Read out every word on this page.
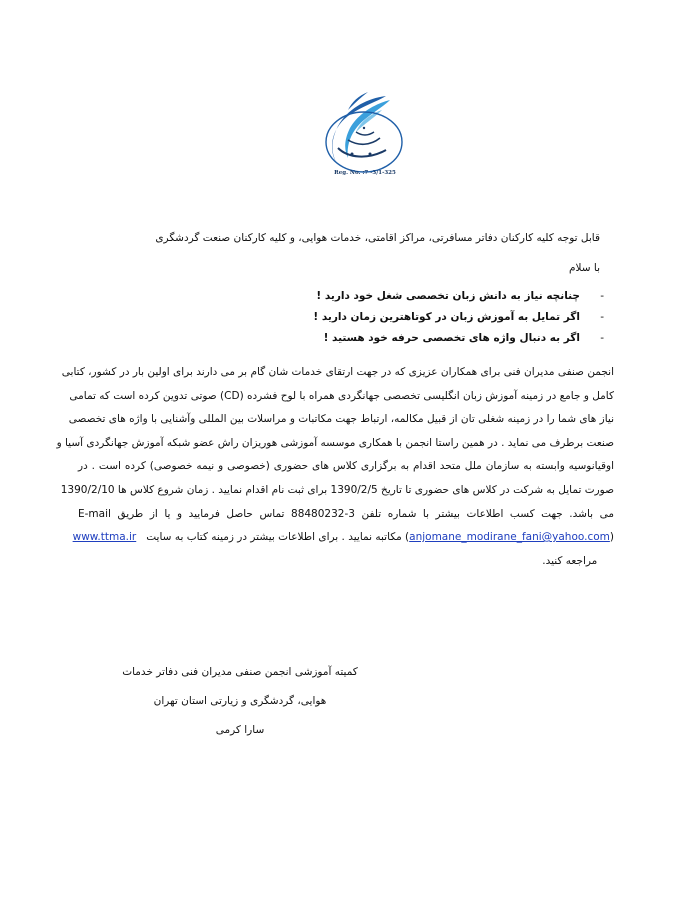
Reg. No. :7 -3/1-325
قابل توجه کلیه کارکنان دفاتر مسافرتی، مراکز اقامتی، خدمات هوایی، و کلیه کارکنان صنعت گردشگری
با سلام
-
چنانچه نیاز به دانش زبان تخصصی شغل خود دارید !
-
اگر تمایل به آموزش زبان در کوتاهترین زمان دارید !
-
اگر به دنبال واژه های تخصصی حرفه خود هستید !
انجمن صنفی مدیران فنی برای همکاران عزیزی که در جهت ارتقای خدمات شان گام بر می دارند برای اولین بار در کشور، کتابی
کامل و جامع در زمینه آموزش زبان انگلیسی تخصصی جهانگردی همراه با لوح فشرده (CD) صوتی تدوین کرده است که تمامی
نیاز های شما را در زمینه شغلی تان از قبیل مکالمه، ارتباط جهت مکاتبات و مراسلات بین المللی وآشنایی با واژه های تخصصی
صنعت برطرف می نماید . در همین راستا انجمن با همکاری موسسه آموزشی هوریزان راش عضو شبکه آموزش جهانگردی آسیا و
اوقیانوسیه وابسته به سازمان ملل متحد اقدام به برگزاری کلاس های حضوری (خصوصی و نیمه خصوصی) کرده است . در
صورت تمایل به شرکت در کلاس های حضوری تا تاریخ 1390/2/5 برای ثبت نام اقدام نمایید . زمان شروع کلاس ها 1390/2/10
می باشد. جهت کسب اطلاعات بیشتر با شماره تلفن 3-88480232 تماس حاصل فرمایید و یا از طریق E-mail
(anjomane_modirane_fani@yahoo.com) مکاتبه نمایید . برای اطلاعات بیشتر در زمینه کتاب به سایت   www.ttma.ir
مراجعه کنید.
کمیته آموزشی انجمن صنفی مدیران فنی دفاتر خدمات
هوایی، گردشگری و زیارتی استان تهران
سارا کرمی
